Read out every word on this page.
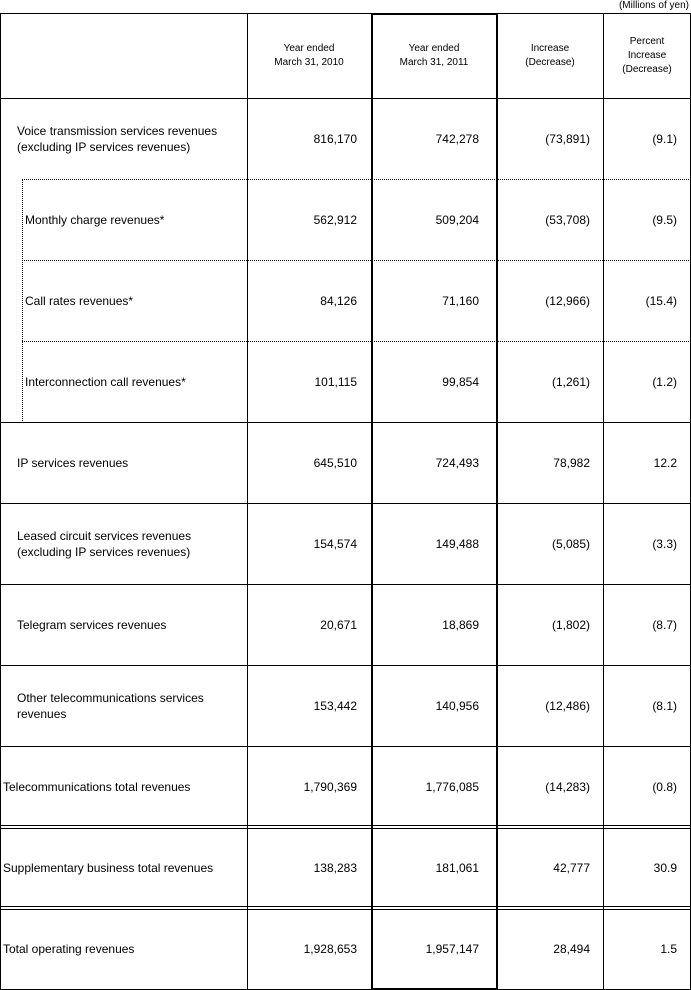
(Millions of yen)
Year ended
March 31, 2010
Year ended
March 31, 2011
Increase
(Decrease)
Percent
Increase
(Decrease)
Voice transmission services revenues
(excluding IP services revenues)
816,170	742,278	(73,891)	(9.1)
Monthly charge revenues*	562,912	509,204	(53,708)	(9.5)
Call rates revenues*	84,126	71,160	(12,966)	(15.4)
Interconnection call revenues*	101,115	99,854	(1,261)	(1.2)
IP services revenues	645,510	724,493	78,982	12.2
Leased circuit services revenues
(excluding IP services revenues)
154,574	149,488	(5,085)	(3.3)
Telegram services revenues	20,671	18,869	(1,802)	(8.7)
Other telecommunications services
revenues
153,442	140,956	(12,486)	(8.1)
Telecommunications total revenues	1,790,369	1,776,085	(14,283)	(0.8)
Supplementary business total revenues	138,283	181,061	42,777	30.9
Total operating revenues	1,928,653	1,957,147	28,494	1.5
